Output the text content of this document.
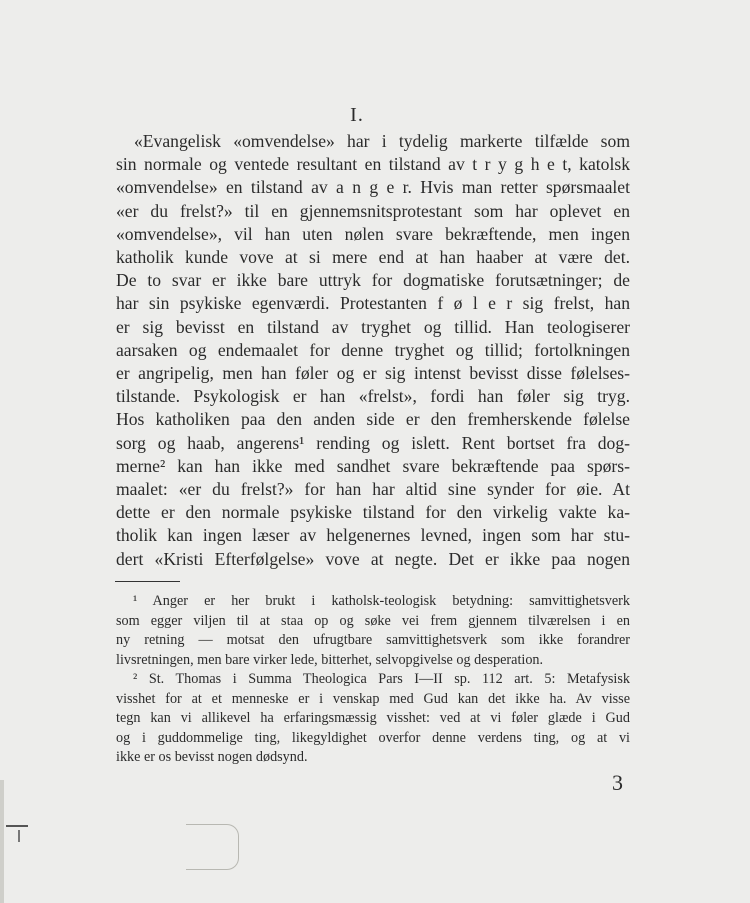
I.
«Evangelisk «omvendelse» har i tydelig markerte tilfælde som
sin normale og ventede resultant en tilstand av t r y g h e t, katolsk
«omvendelse» en tilstand av a n g e r. Hvis man retter spørsmaalet
«er du frelst?» til en gjennemsnitsprotestant som har oplevet en
«omvendelse», vil han uten nølen svare bekræftende, men ingen
katholik kunde vove at si mere end at han haaber at være det.
De to svar er ikke bare uttryk for dogmatiske forutsætninger; de
har sin psykiske egenværdi. Protestanten f ø l e r sig frelst, han
er sig bevisst en tilstand av tryghet og tillid. Han teologiserer
aarsaken og endemaalet for denne tryghet og tillid; fortolkningen
er angripelig, men han føler og er sig intenst bevisst disse følelses-
tilstande. Psykologisk er han «frelst», fordi han føler sig tryg.
Hos katholiken paa den anden side er den fremherskende følelse
sorg og haab, angerens¹ rending og islett. Rent bortset fra dog-
merne² kan han ikke med sandhet svare bekræftende paa spørs-
maalet: «er du frelst?» for han har altid sine synder for øie. At
dette er den normale psykiske tilstand for den virkelig vakte ka-
tholik kan ingen læser av helgenernes levned, ingen som har stu-
dert «Kristi Efterfølgelse» vove at negte. Det er ikke paa nogen
¹ Anger er her brukt i katholsk-teologisk betydning: samvittighetsverk
som egger viljen til at staa op og søke vei frem gjennem tilværelsen i en
ny retning — motsat den ufrugtbare samvittighetsverk som ikke forandrer
livsretningen, men bare virker lede, bitterhet, selvopgivelse og desperation.
² St. Thomas i Summa Theologica Pars I—II sp. 112 art. 5: Metafysisk
visshet for at et menneske er i venskap med Gud kan det ikke ha. Av visse
tegn kan vi allikevel ha erfaringsmæssig visshet: ved at vi føler glæde i Gud
og i guddommelige ting, likegyldighet overfor denne verdens ting, og at vi
ikke er os bevisst nogen dødsynd.
3
